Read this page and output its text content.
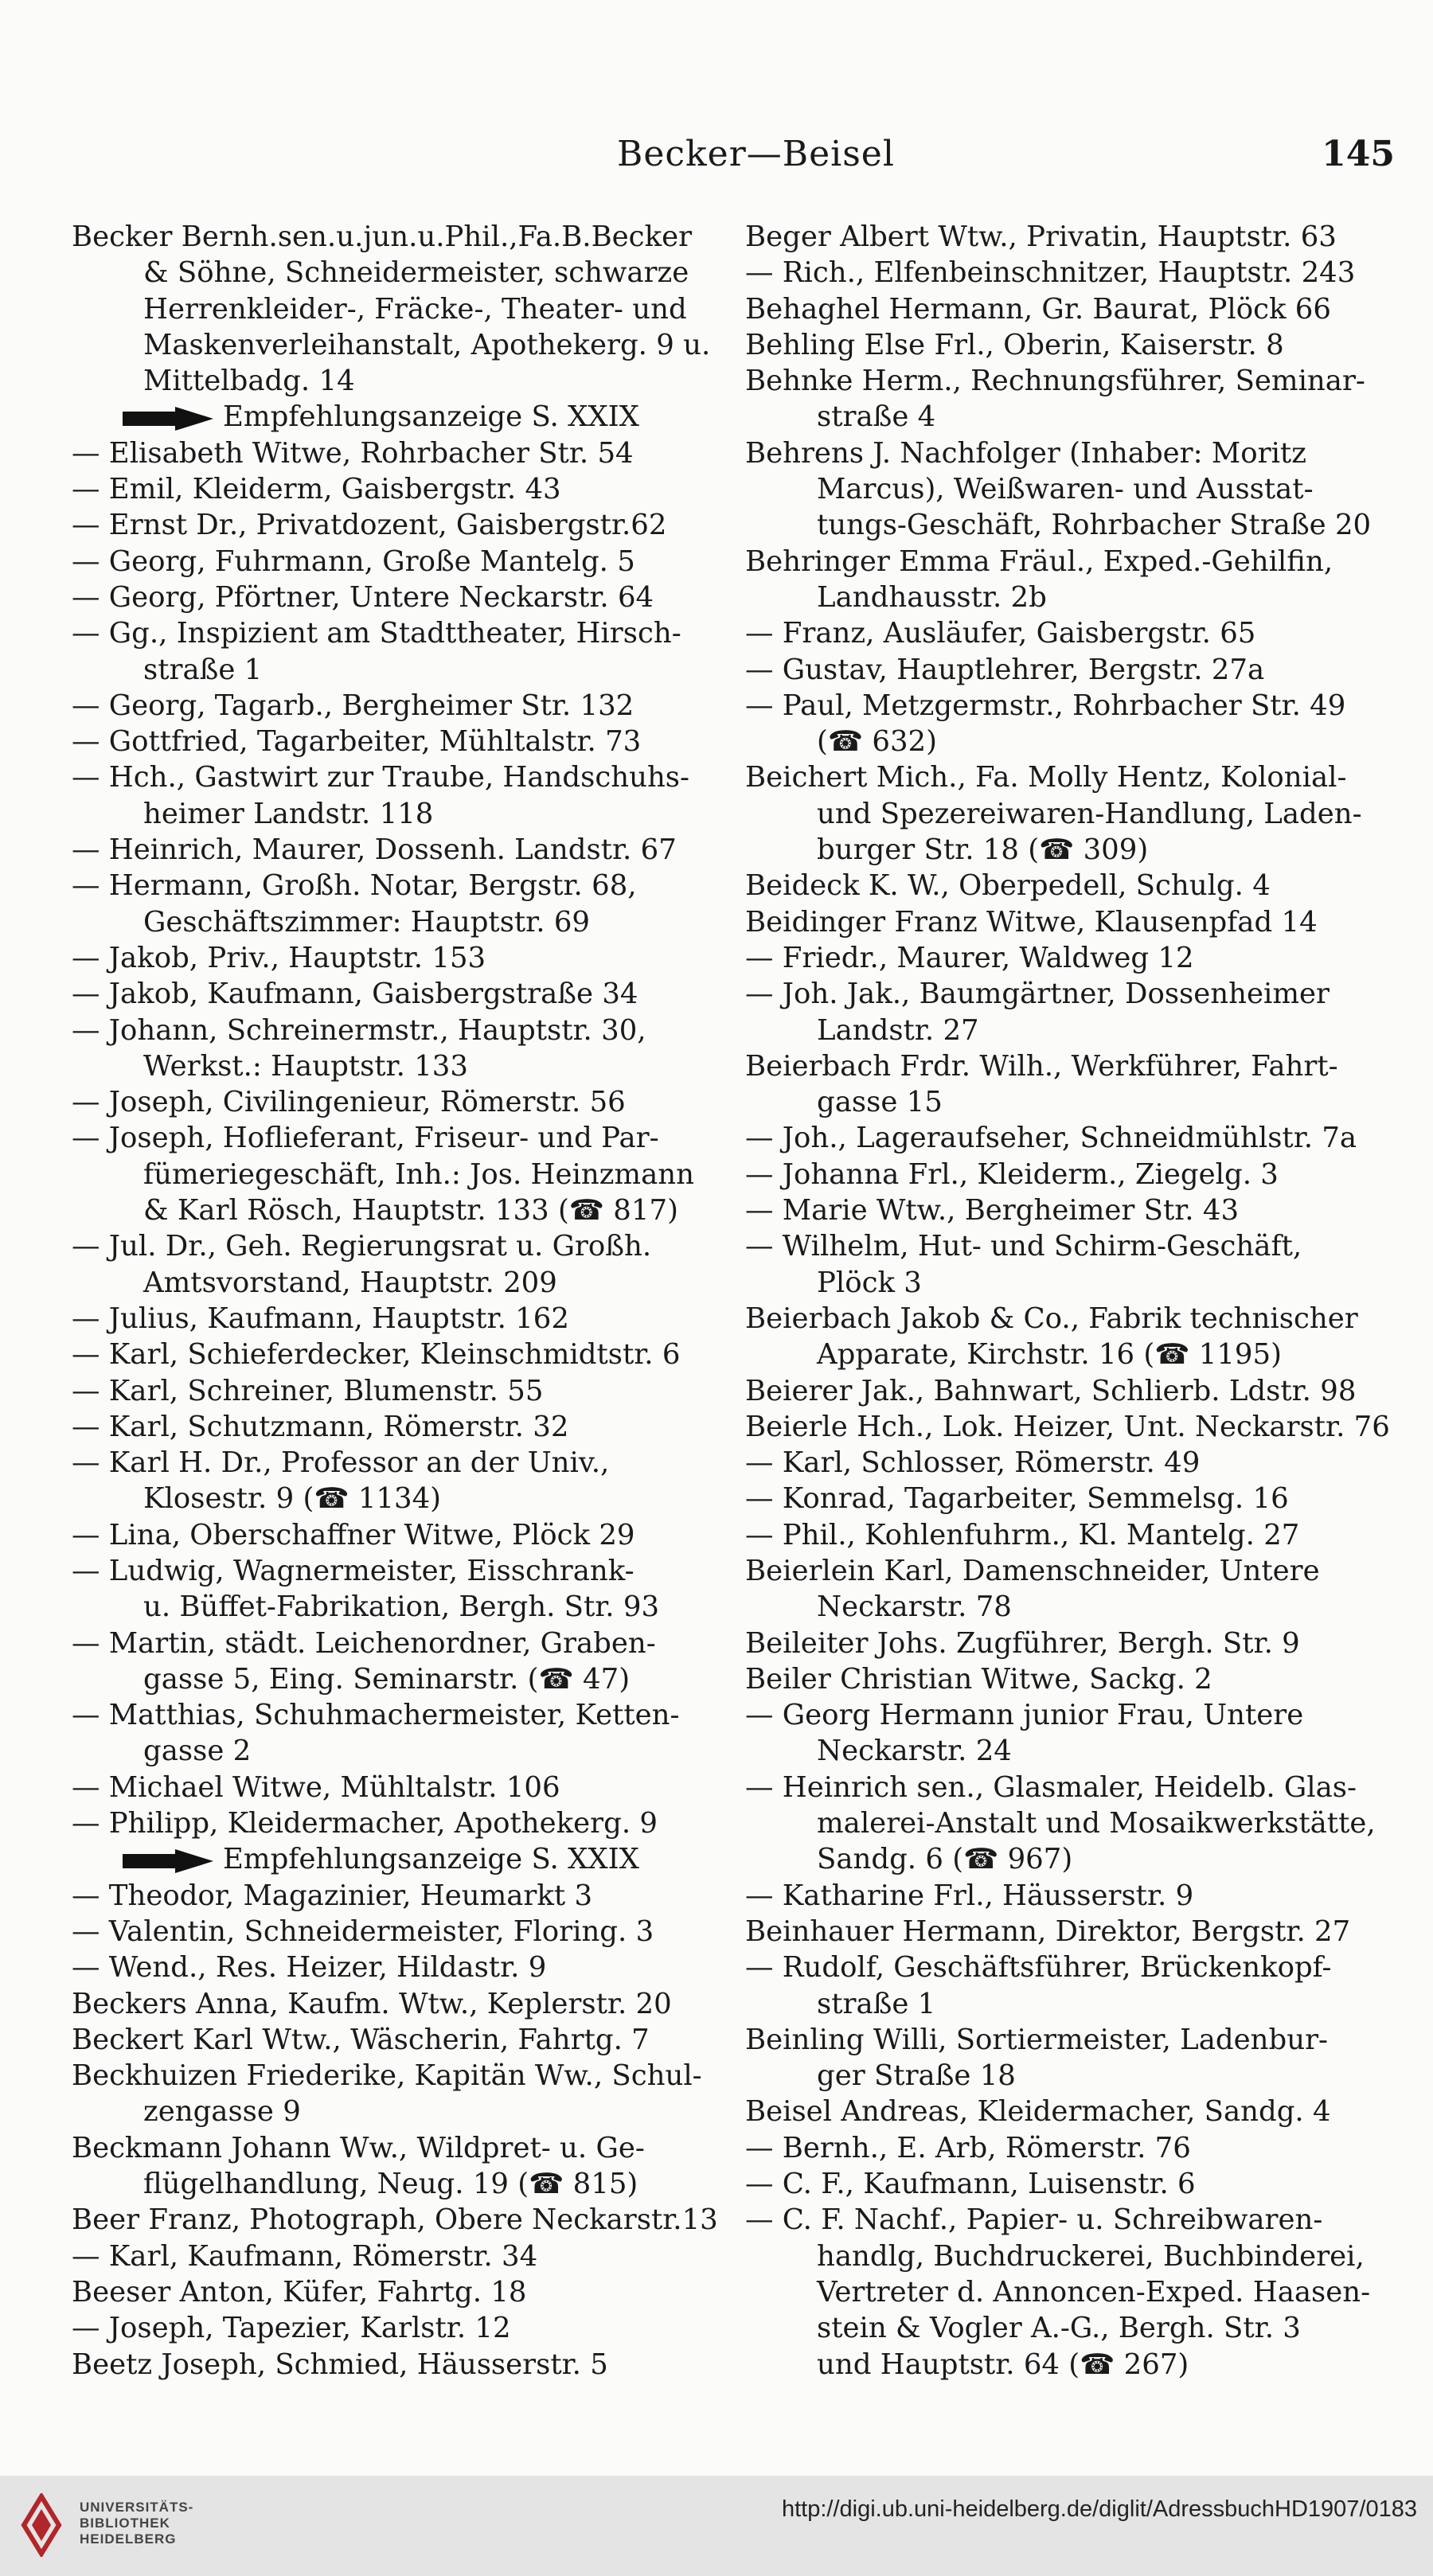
Becker—Beisel	145
Becker Bernh.sen.u.jun.u.Phil.,Fa.B.Becker
& Söhne, Schneidermeister, schwarze
Herrenkleider-, Fräcke-, Theater- und
Maskenverleihanstalt, Apothekerg. 9 u.
Mittelbadg. 14
Empfehlungsanzeige S. XXIX
— Elisabeth Witwe, Rohrbacher Str. 54
— Emil, Kleiderm, Gaisbergstr. 43
— Ernst Dr., Privatdozent, Gaisbergstr.62
— Georg, Fuhrmann, Große Mantelg. 5
— Georg, Pförtner, Untere Neckarstr. 64
— Gg., Inspizient am Stadttheater, Hirsch-
straße 1
— Georg, Tagarb., Bergheimer Str. 132
— Gottfried, Tagarbeiter, Mühltalstr. 73
— Hch., Gastwirt zur Traube, Handschuhs-
heimer Landstr. 118
— Heinrich, Maurer, Dossenh. Landstr. 67
— Hermann, Großh. Notar, Bergstr. 68,
Geschäftszimmer: Hauptstr. 69
— Jakob, Priv., Hauptstr. 153
— Jakob, Kaufmann, Gaisbergstraße 34
— Johann, Schreinermstr., Hauptstr. 30,
Werkst.: Hauptstr. 133
— Joseph, Civilingenieur, Römerstr. 56
— Joseph, Hoflieferant, Friseur- und Par-
fümeriegeschäft, Inh.: Jos. Heinzmann
& Karl Rösch, Hauptstr. 133 (☎ 817)
— Jul. Dr., Geh. Regierungsrat u. Großh.
Amtsvorstand, Hauptstr. 209
— Julius, Kaufmann, Hauptstr. 162
— Karl, Schieferdecker, Kleinschmidtstr. 6
— Karl, Schreiner, Blumenstr. 55
— Karl, Schutzmann, Römerstr. 32
— Karl H. Dr., Professor an der Univ.,
Klosestr. 9 (☎ 1134)
— Lina, Oberschaffner Witwe, Plöck 29
— Ludwig, Wagnermeister, Eisschrank-
u. Büffet-Fabrikation, Bergh. Str. 93
— Martin, städt. Leichenordner, Graben-
gasse 5, Eing. Seminarstr. (☎ 47)
— Matthias, Schuhmachermeister, Ketten-
gasse 2
— Michael Witwe, Mühltalstr. 106
— Philipp, Kleidermacher, Apothekerg. 9
Empfehlungsanzeige S. XXIX
— Theodor, Magazinier, Heumarkt 3
— Valentin, Schneidermeister, Floring. 3
— Wend., Res. Heizer, Hildastr. 9
Beckers Anna, Kaufm. Wtw., Keplerstr. 20
Beckert Karl Wtw., Wäscherin, Fahrtg. 7
Beckhuizen Friederike, Kapitän Ww., Schul-
zengasse 9
Beckmann Johann Ww., Wildpret- u. Ge-
flügelhandlung, Neug. 19 (☎ 815)
Beer Franz, Photograph, Obere Neckarstr.13
— Karl, Kaufmann, Römerstr. 34
Beeser Anton, Küfer, Fahrtg. 18
— Joseph, Tapezier, Karlstr. 12
Beetz Joseph, Schmied, Häusserstr. 5
Beger Albert Wtw., Privatin, Hauptstr. 63
— Rich., Elfenbeinschnitzer, Hauptstr. 243
Behaghel Hermann, Gr. Baurat, Plöck 66
Behling Else Frl., Oberin, Kaiserstr. 8
Behnke Herm., Rechnungsführer, Seminar-
straße 4
Behrens J. Nachfolger (Inhaber: Moritz
Marcus), Weißwaren- und Ausstat-
tungs-Geschäft, Rohrbacher Straße 20
Behringer Emma Fräul., Exped.-Gehilfin,
Landhausstr. 2b
— Franz, Ausläufer, Gaisbergstr. 65
— Gustav, Hauptlehrer, Bergstr. 27a
— Paul, Metzgermstr., Rohrbacher Str. 49
(☎ 632)
Beichert Mich., Fa. Molly Hentz, Kolonial-
und Spezereiwaren-Handlung, Laden-
burger Str. 18 (☎ 309)
Beideck K. W., Oberpedell, Schulg. 4
Beidinger Franz Witwe, Klausenpfad 14
— Friedr., Maurer, Waldweg 12
— Joh. Jak., Baumgärtner, Dossenheimer
Landstr. 27
Beierbach Frdr. Wilh., Werkführer, Fahrt-
gasse 15
— Joh., Lageraufseher, Schneidmühlstr. 7a
— Johanna Frl., Kleiderm., Ziegelg. 3
— Marie Wtw., Bergheimer Str. 43
— Wilhelm, Hut- und Schirm-Geschäft,
Plöck 3
Beierbach Jakob & Co., Fabrik technischer
Apparate, Kirchstr. 16 (☎ 1195)
Beierer Jak., Bahnwart, Schlierb. Ldstr. 98
Beierle Hch., Lok. Heizer, Unt. Neckarstr. 76
— Karl, Schlosser, Römerstr. 49
— Konrad, Tagarbeiter, Semmelsg. 16
— Phil., Kohlenfuhrm., Kl. Mantelg. 27
Beierlein Karl, Damenschneider, Untere
Neckarstr. 78
Beileiter Johs. Zugführer, Bergh. Str. 9
Beiler Christian Witwe, Sackg. 2
— Georg Hermann junior Frau, Untere
Neckarstr. 24
— Heinrich sen., Glasmaler, Heidelb. Glas-
malerei-Anstalt und Mosaikwerkstätte,
Sandg. 6 (☎ 967)
— Katharine Frl., Häusserstr. 9
Beinhauer Hermann, Direktor, Bergstr. 27
— Rudolf, Geschäftsführer, Brückenkopf-
straße 1
Beinling Willi, Sortiermeister, Ladenbur-
ger Straße 18
Beisel Andreas, Kleidermacher, Sandg. 4
— Bernh., E. Arb, Römerstr. 76
— C. F., Kaufmann, Luisenstr. 6
— C. F. Nachf., Papier- u. Schreibwaren-
handlg, Buchdruckerei, Buchbinderei,
Vertreter d. Annoncen-Exped. Haasen-
stein & Vogler A.-G., Bergh. Str. 3
und Hauptstr. 64 (☎ 267)
UNIVERSITÄTS-
BIBLIOTHEK
HEIDELBERG
http://digi.ub.uni-heidelberg.de/diglit/AdressbuchHD1907/0183
